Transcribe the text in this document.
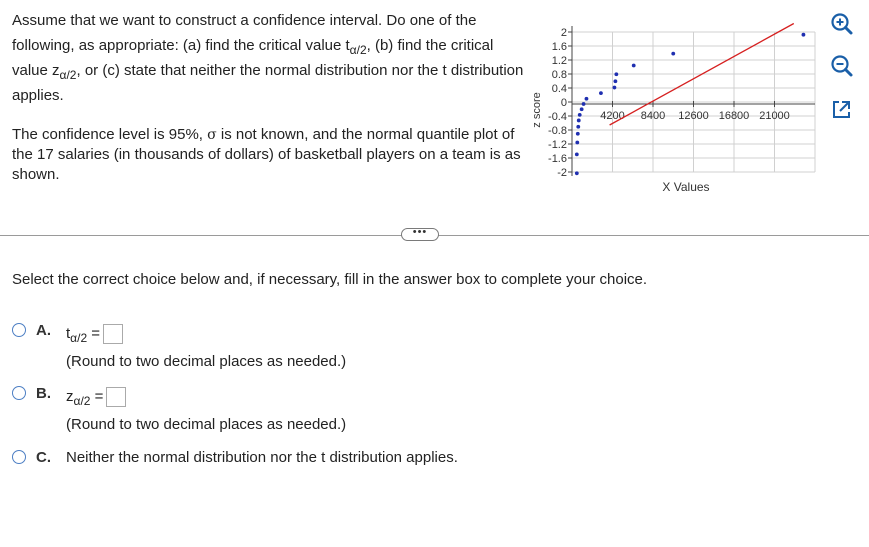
Assume that we want to construct a confidence interval. Do one of the following, as appropriate: (a) find the critical value $t_{\alpha/2}$, (b) find the critical value $z_{\alpha/2}$, or (c) state that neither the normal distribution nor the t distribution applies.

The confidence level is 95%, σ is not known, and the normal quantile plot of the 17 salaries (in thousands of dollars) of basketball players on a team is as shown.

2
1.6
1.2
0.8
0.4
0
-0.4
-0.8
-1.2
-1.6
-2
4200 8400 12600 16800 21000
z score
X Values
•••
Select the correct choice below and, if necessary, fill in the answer box to complete your choice.
A. $t_{\alpha/2}$ =
(Round to two decimal places as needed.)
B. $z_{\alpha/2}$ =
(Round to two decimal places as needed.)
C. Neither the normal distribution nor the t distribution applies.
